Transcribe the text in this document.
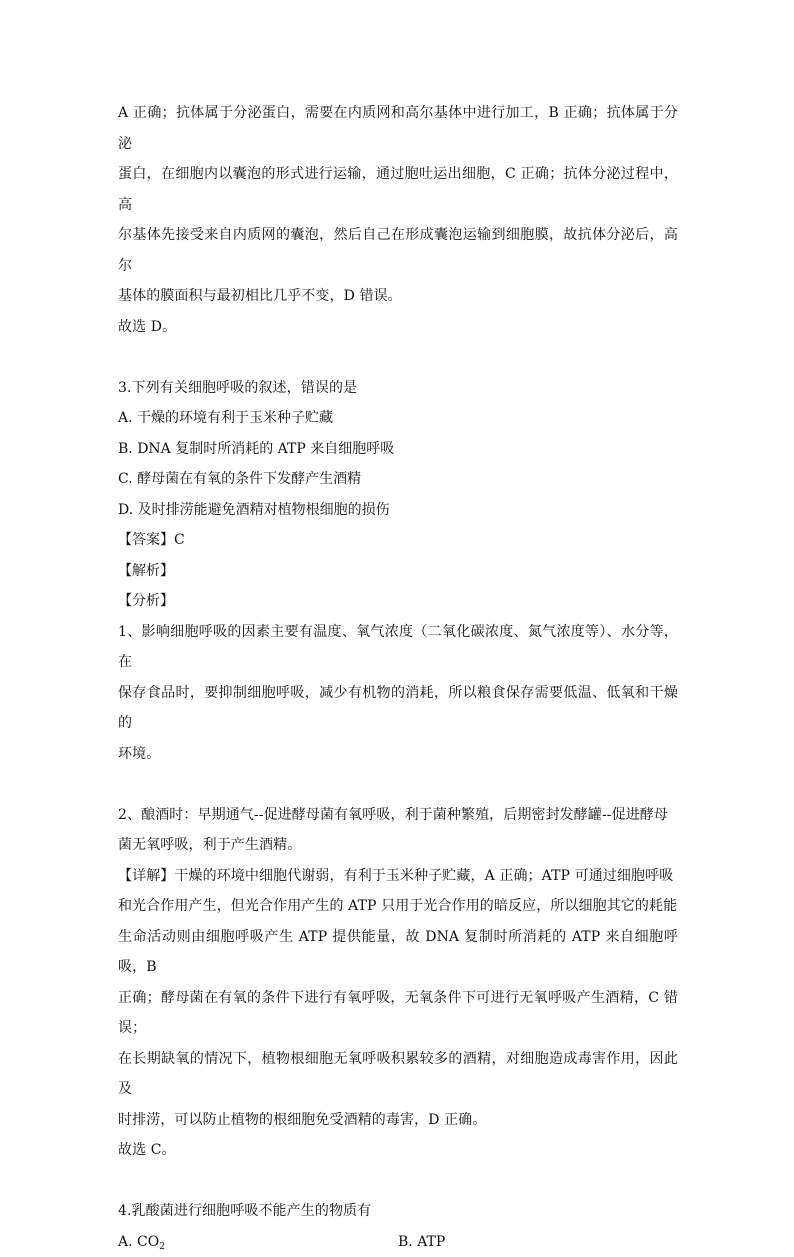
A 正确；抗体属于分泌蛋白，需要在内质网和高尔基体中进行加工，B 正确；抗体属于分泌

蛋白，在细胞内以囊泡的形式进行运输，通过胞吐运出细胞，C 正确；抗体分泌过程中，高

尔基体先接受来自内质网的囊泡，然后自己在形成囊泡运输到细胞膜，故抗体分泌后，高尔

基体的膜面积与最初相比几乎不变，D 错误。

故选 D。

3.下列有关细胞呼吸的叙述，错误的是

A. 干燥的环境有利于玉米种子贮藏

B. DNA 复制时所消耗的 ATP 来自细胞呼吸

C. 酵母菌在有氧的条件下发酵产生酒精

D. 及时排涝能避免酒精对植物根细胞的损伤

【答案】C

【解析】

【分析】

1、影响细胞呼吸的因素主要有温度、氧气浓度（二氧化碳浓度、氮气浓度等）、水分等，在

保存食品时，要抑制细胞呼吸，减少有机物的消耗，所以粮食保存需要低温、低氧和干燥的

环境。

2、酿酒时：早期通气--促进酵母菌有氧呼吸，利于菌种繁殖，后期密封发酵罐--促进酵母

菌无氧呼吸，利于产生酒精。

【详解】干燥的环境中细胞代谢弱，有利于玉米种子贮藏，A 正确；ATP 可通过细胞呼吸

和光合作用产生，但光合作用产生的 ATP 只用于光合作用的暗反应，所以细胞其它的耗能

生命活动则由细胞呼吸产生 ATP 提供能量，故 DNA 复制时所消耗的 ATP 来自细胞呼吸，B

正确；酵母菌在有氧的条件下进行有氧呼吸，无氧条件下可进行无氧呼吸产生酒精，C 错误；

在长期缺氧的情况下，植物根细胞无氧呼吸积累较多的酒精，对细胞造成毒害作用，因此及

时排涝，可以防止植物的根细胞免受酒精的毒害，D 正确。

故选 C。

4.乳酸菌进行细胞呼吸不能产生的物质有

A. $CO_2$	B. ATP
